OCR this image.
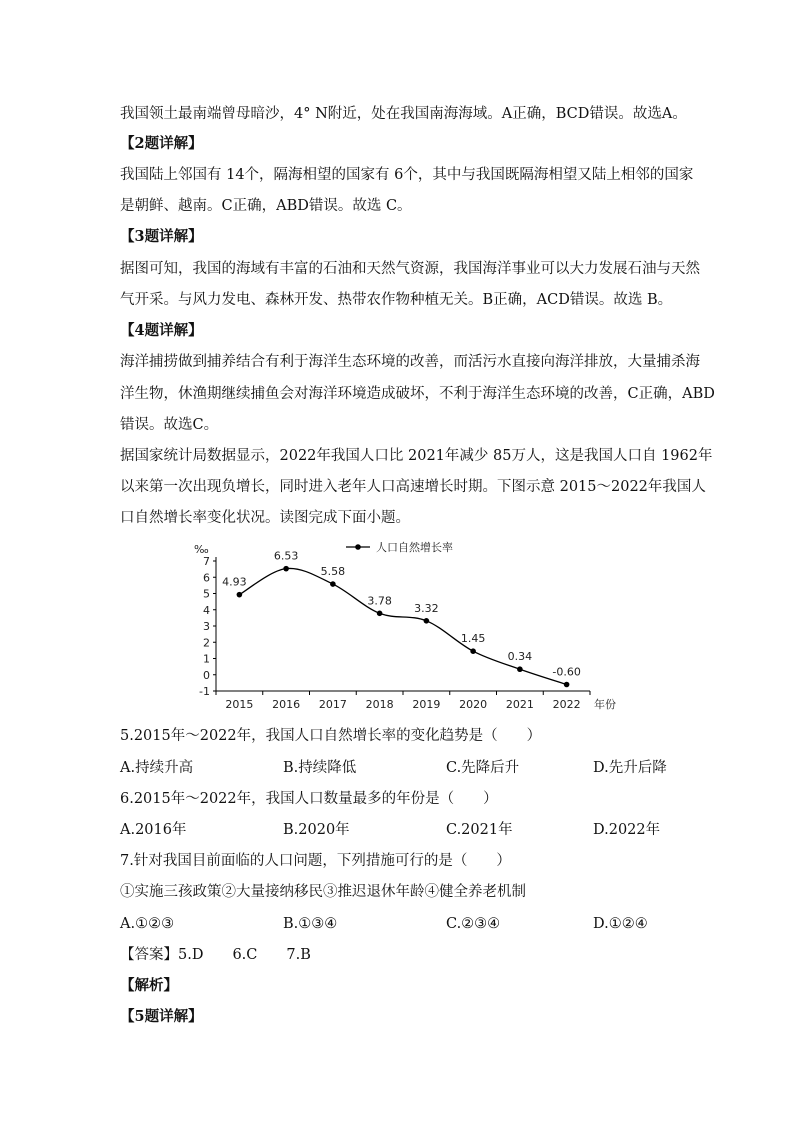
我国领土最南端曾母暗沙，4° N附近，处在我国南海海域。A正确，BCD错误。故选A。
【2题详解】
我国陆上邻国有 14个，隔海相望的国家有 6个，其中与我国既隔海相望又陆上相邻的国家
是朝鲜、越南。C正确，ABD错误。故选 C。
【3题详解】
据图可知，我国的海域有丰富的石油和天然气资源，我国海洋事业可以大力发展石油与天然
气开采。与风力发电、森林开发、热带农作物种植无关。B正确，ACD错误。故选 B。
【4题详解】
海洋捕捞做到捕养结合有利于海洋生态环境的改善，而活污水直接向海洋排放，大量捕杀海
洋生物，休渔期继续捕鱼会对海洋环境造成破坏，不利于海洋生态环境的改善，C正确，ABD
错误。故选C。
据国家统计局数据显示，2022年我国人口比 2021年减少 85万人，这是我国人口自 1962年
以来第一次出现负增长，同时进入老年人口高速增长时期。下图示意 2015～2022年我国人
口自然增长率变化状况。读图完成下面小题。
-1
0
1
2
3
4
5
6
7
2015 2016 2017 2018 2019 2020 2021 2022 年份
‰
4.93
6.53
5.58
3.78
3.32
1.45
0.34
-0.60
人口自然增长率
5.2015年～2022年，我国人口自然增长率的变化趋势是（　　）
A.持续升高	B.持续降低	C.先降后升	D.先升后降
6.2015年～2022年，我国人口数量最多的年份是（　　）
A.2016年	B.2020年	C.2021年	D.2022年
7.针对我国目前面临的人口问题，下列措施可行的是（　　）
①实施三孩政策②大量接纳移民③推迟退休年龄④健全养老机制
A.①②③	B.①③④	C.②③④	D.①②④
【答案】5.D　　6.C　　7.B
【解析】
【5题详解】
